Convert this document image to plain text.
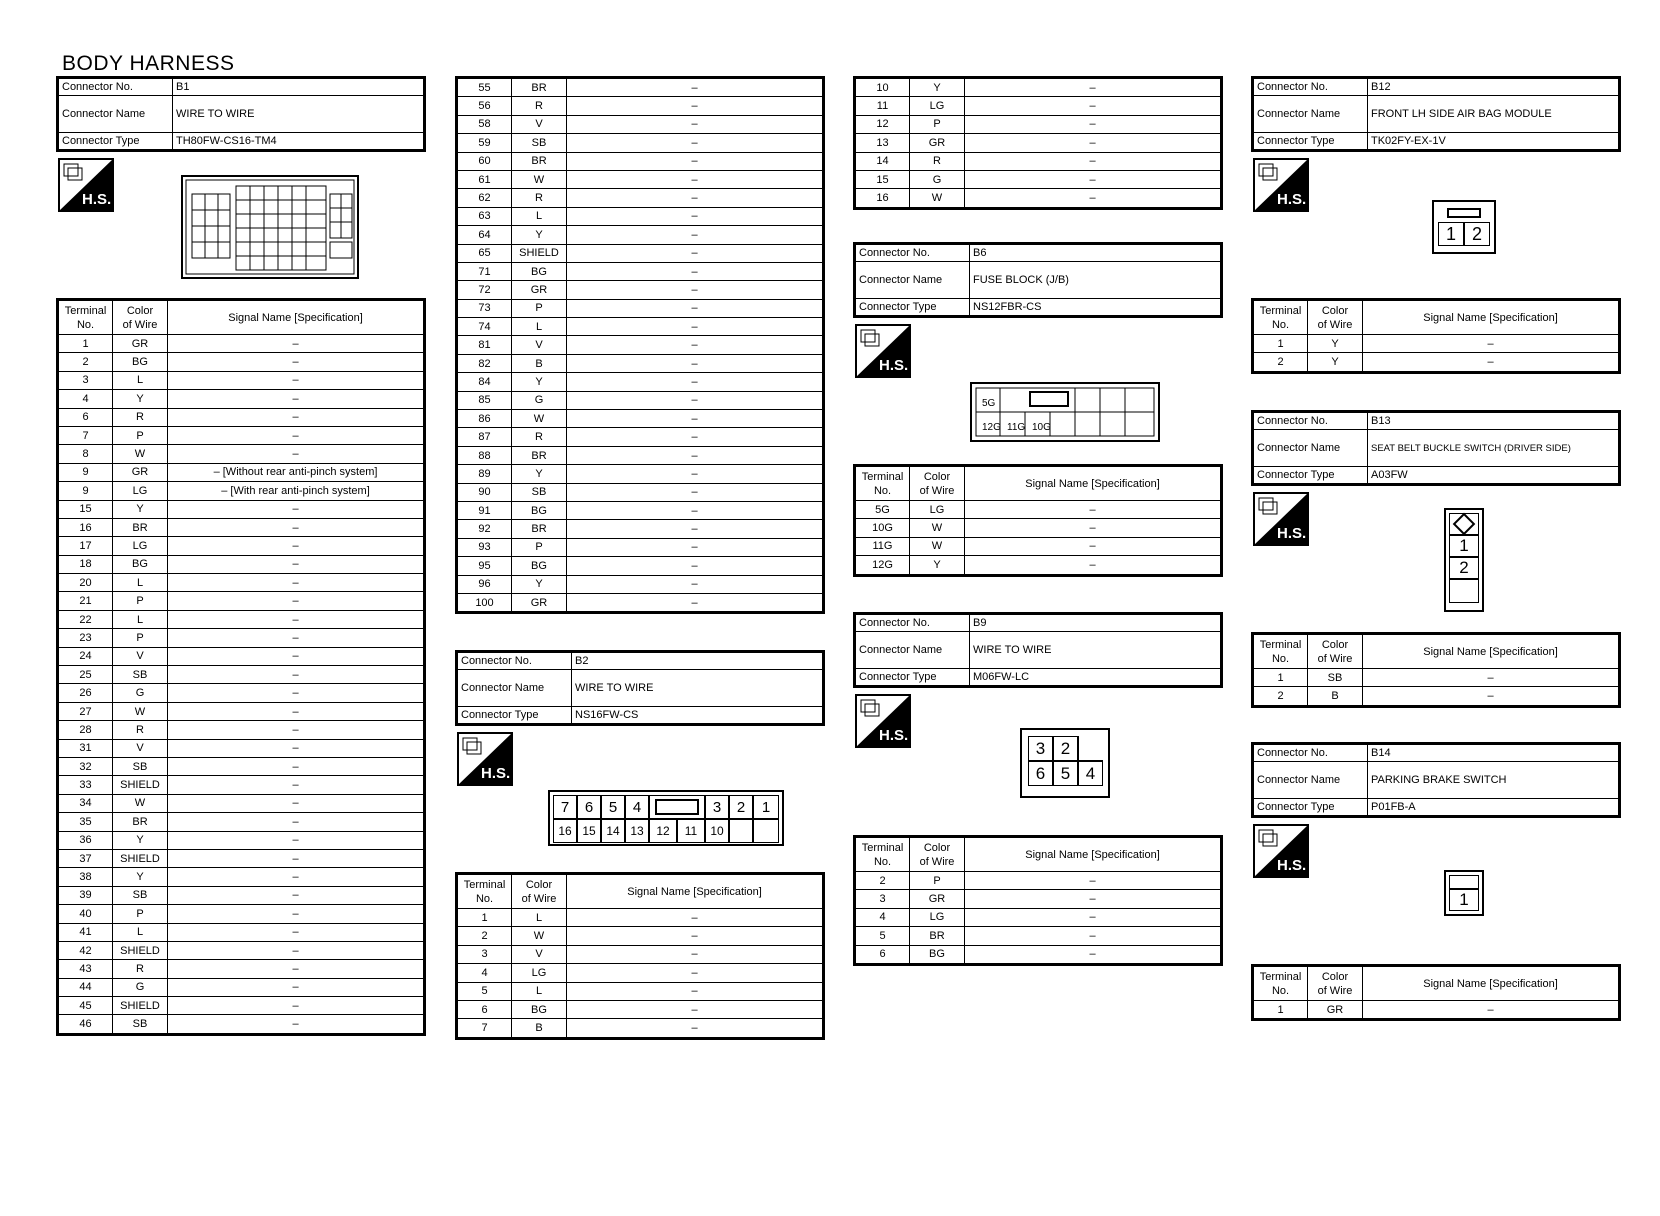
BODY HARNESS
Connector No.	B1
Connector Name	WIRE TO WIRE
Connector Type	TH80FW-CS16-TM4
H.S.
Terminal
No.	Color
of Wire	Signal Name [Specification]
1	GR	–
2	BG	–
3	L	–
4	Y	–
6	R	–
7	P	–
8	W	–
9	GR	– [Without rear anti-pinch system]
9	LG	– [With rear anti-pinch system]
15	Y	–
16	BR	–
17	LG	–
18	BG	–
20	L	–
21	P	–
22	L	–
23	P	–
24	V	–
25	SB	–
26	G	–
27	W	–
28	R	–
31	V	–
32	SB	–
33	SHIELD	–
34	W	–
35	BR	–
36	Y	–
37	SHIELD	–
38	Y	–
39	SB	–
40	P	–
41	L	–
42	SHIELD	–
43	R	–
44	G	–
45	SHIELD	–
46	SB	–
55	BR	–
56	R	–
58	V	–
59	SB	–
60	BR	–
61	W	–
62	R	–
63	L	–
64	Y	–
65	SHIELD	–
71	BG	–
72	GR	–
73	P	–
74	L	–
81	V	–
82	B	–
84	Y	–
85	G	–
86	W	–
87	R	–
88	BR	–
89	Y	–
90	SB	–
91	BG	–
92	BR	–
93	P	–
95	BG	–
96	Y	–
100	GR	–
Connector No.	B2
Connector Name	WIRE TO WIRE
Connector Type	NS16FW-CS
H.S.
7	6	5	4	3	2	1
16 15 14 13	12	11	10
Terminal
No.	Color
of Wire	Signal Name [Specification]
1	L	–
2	W	–
3	V	–
4	LG	–
5	L	–
6	BG	–
7	B	–
10	Y	–
11	LG	–
12	P	–
13	GR	–
14	R	–
15	G	–
16	W	–
Connector No.	B6
Connector Name	FUSE BLOCK (J/B)
Connector Type	NS12FBR-CS
H.S.
5G
12G 11G 10G
Terminal
No.	Color
of Wire	Signal Name [Specification]
5G	LG	–
10G	W	–
11G	W	–
12G	Y	–
Connector No.	B9
Connector Name	WIRE TO WIRE
Connector Type	M06FW-LC
H.S.
3 2
6 5 4
Terminal
No.	Color
of Wire	Signal Name [Specification]
2	P	–
3	GR	–
4	LG	–
5	BR	–
6	BG	–
Connector No.	B12
Connector Name	FRONT LH SIDE AIR BAG MODULE
Connector Type	TK02FY-EX-1V
H.S.
1 2
Terminal
No.	Color
of Wire	Signal Name [Specification]
1	Y	–
2	Y	–
Connector No.	B13
Connector Name	SEAT BELT BUCKLE SWITCH (DRIVER SIDE)
Connector Type	A03FW
H.S.
1
2
Terminal
No.	Color
of Wire	Signal Name [Specification]
1	SB	–
2	B	–
Connector No.	B14
Connector Name	PARKING BRAKE SWITCH
Connector Type	P01FB-A
H.S.
1
Terminal
No.	Color
of Wire	Signal Name [Specification]
1	GR	–
